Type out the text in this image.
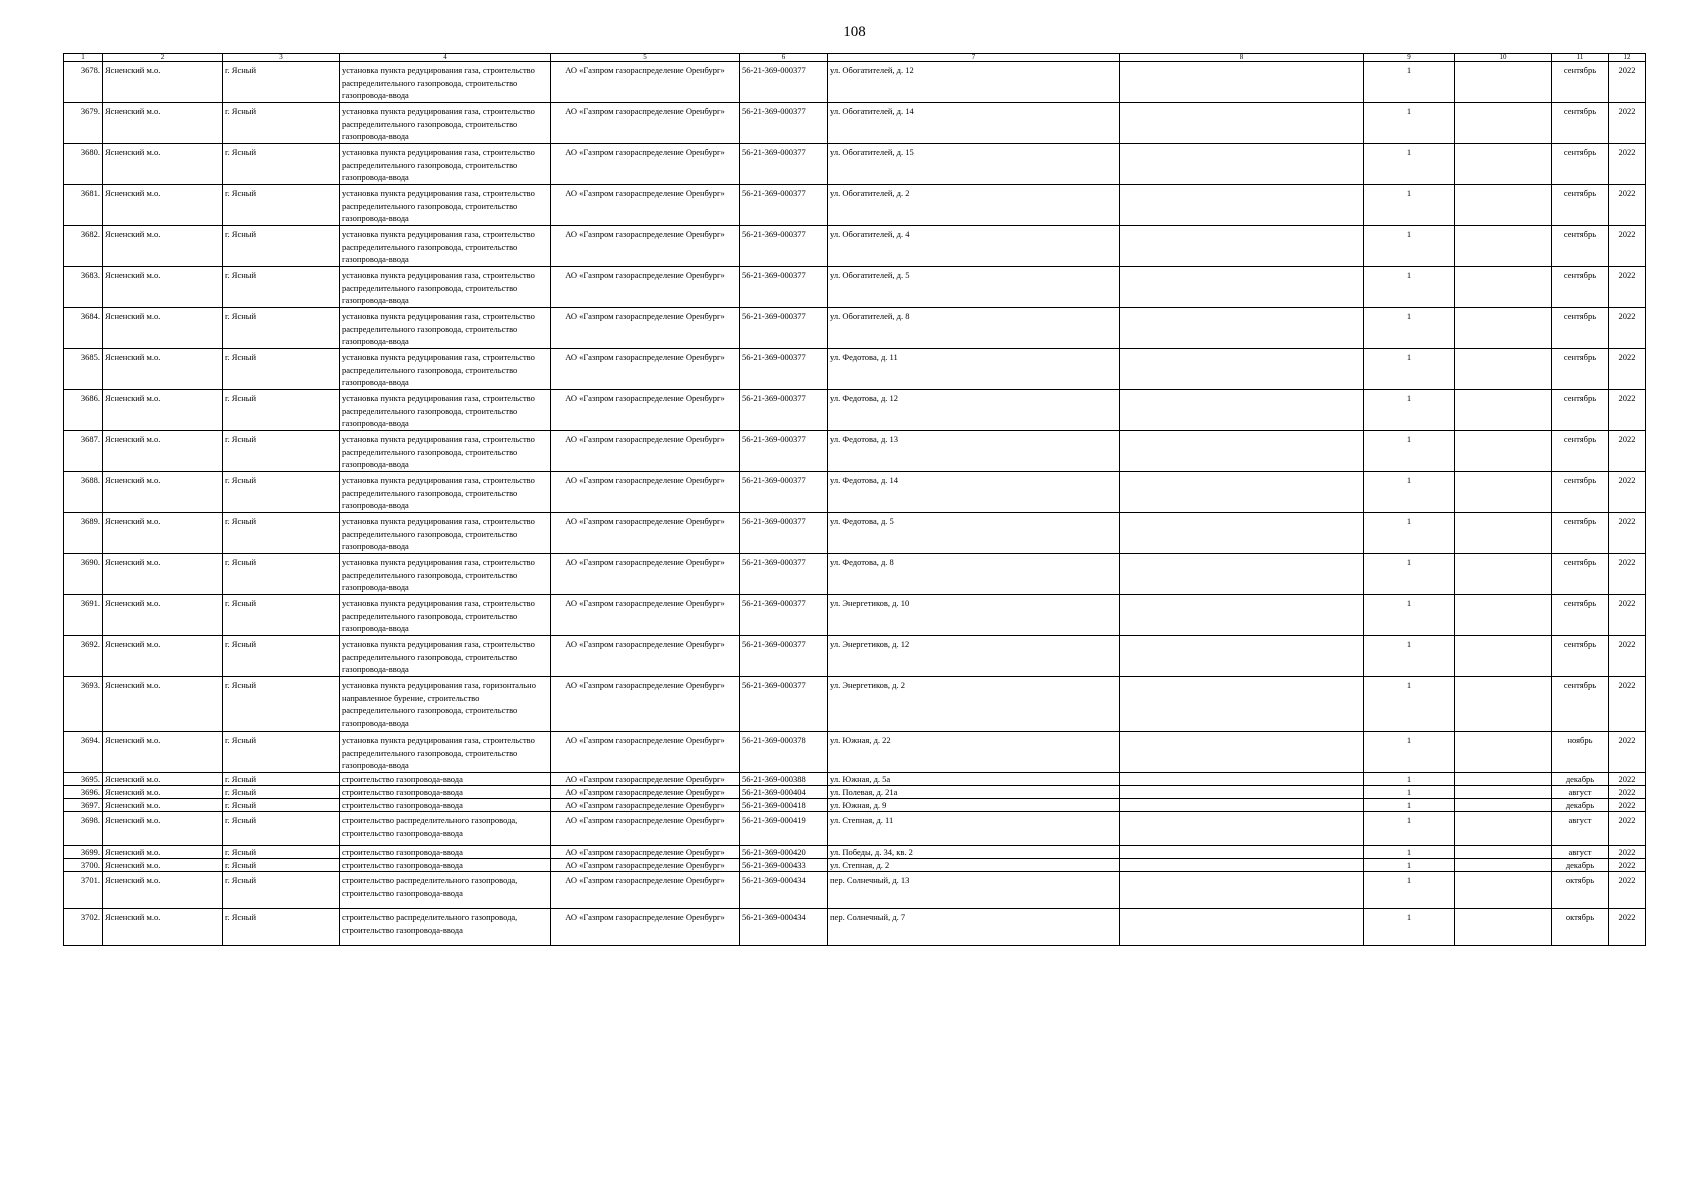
108
1	2	3	4	5	6	7	8	9	10	11	12
3678.	Ясненский м.о.	г. Ясный	установка пункта редуцирования газа, строительство распределительного газопровода, строительство газопровода-ввода	АО «Газпром газораспределение Оренбург»	56-21-369-000377	ул. Обогатителей, д. 12		1		сентябрь	2022
3679.	Ясненский м.о.	г. Ясный	установка пункта редуцирования газа, строительство распределительного газопровода, строительство газопровода-ввода	АО «Газпром газораспределение Оренбург»	56-21-369-000377	ул. Обогатителей, д. 14		1		сентябрь	2022
3680.	Ясненский м.о.	г. Ясный	установка пункта редуцирования газа, строительство распределительного газопровода, строительство газопровода-ввода	АО «Газпром газораспределение Оренбург»	56-21-369-000377	ул. Обогатителей, д. 15		1		сентябрь	2022
3681.	Ясненский м.о.	г. Ясный	установка пункта редуцирования газа, строительство распределительного газопровода, строительство газопровода-ввода	АО «Газпром газораспределение Оренбург»	56-21-369-000377	ул. Обогатителей, д. 2		1		сентябрь	2022
3682.	Ясненский м.о.	г. Ясный	установка пункта редуцирования газа, строительство распределительного газопровода, строительство газопровода-ввода	АО «Газпром газораспределение Оренбург»	56-21-369-000377	ул. Обогатителей, д. 4		1		сентябрь	2022
3683.	Ясненский м.о.	г. Ясный	установка пункта редуцирования газа, строительство распределительного газопровода, строительство газопровода-ввода	АО «Газпром газораспределение Оренбург»	56-21-369-000377	ул. Обогатителей, д. 5		1		сентябрь	2022
3684.	Ясненский м.о.	г. Ясный	установка пункта редуцирования газа, строительство распределительного газопровода, строительство газопровода-ввода	АО «Газпром газораспределение Оренбург»	56-21-369-000377	ул. Обогатителей, д. 8		1		сентябрь	2022
3685.	Ясненский м.о.	г. Ясный	установка пункта редуцирования газа, строительство распределительного газопровода, строительство газопровода-ввода	АО «Газпром газораспределение Оренбург»	56-21-369-000377	ул. Федотова, д. 11		1		сентябрь	2022
3686.	Ясненский м.о.	г. Ясный	установка пункта редуцирования газа, строительство распределительного газопровода, строительство газопровода-ввода	АО «Газпром газораспределение Оренбург»	56-21-369-000377	ул. Федотова, д. 12		1		сентябрь	2022
3687.	Ясненский м.о.	г. Ясный	установка пункта редуцирования газа, строительство распределительного газопровода, строительство газопровода-ввода	АО «Газпром газораспределение Оренбург»	56-21-369-000377	ул. Федотова, д. 13		1		сентябрь	2022
3688.	Ясненский м.о.	г. Ясный	установка пункта редуцирования газа, строительство распределительного газопровода, строительство газопровода-ввода	АО «Газпром газораспределение Оренбург»	56-21-369-000377	ул. Федотова, д. 14		1		сентябрь	2022
3689.	Ясненский м.о.	г. Ясный	установка пункта редуцирования газа, строительство распределительного газопровода, строительство газопровода-ввода	АО «Газпром газораспределение Оренбург»	56-21-369-000377	ул. Федотова, д. 5		1		сентябрь	2022
3690.	Ясненский м.о.	г. Ясный	установка пункта редуцирования газа, строительство распределительного газопровода, строительство газопровода-ввода	АО «Газпром газораспределение Оренбург»	56-21-369-000377	ул. Федотова, д. 8		1		сентябрь	2022
3691.	Ясненский м.о.	г. Ясный	установка пункта редуцирования газа, строительство распределительного газопровода, строительство газопровода-ввода	АО «Газпром газораспределение Оренбург»	56-21-369-000377	ул. Энергетиков, д. 10		1		сентябрь	2022
3692.	Ясненский м.о.	г. Ясный	установка пункта редуцирования газа, строительство распределительного газопровода, строительство газопровода-ввода	АО «Газпром газораспределение Оренбург»	56-21-369-000377	ул. Энергетиков, д. 12		1		сентябрь	2022
3693.	Ясненский м.о.	г. Ясный	установка пункта редуцирования газа, горизонтально направленное бурение, строительство распределительного газопровода, строительство газопровода-ввода	АО «Газпром газораспределение Оренбург»	56-21-369-000377	ул. Энергетиков, д. 2		1		сентябрь	2022
3694.	Ясненский м.о.	г. Ясный	установка пункта редуцирования газа, строительство распределительного газопровода, строительство газопровода-ввода	АО «Газпром газораспределение Оренбург»	56-21-369-000378	ул. Южная, д. 22		1		ноябрь	2022
3695.	Ясненский м.о.	г. Ясный	строительство газопровода-ввода	АО «Газпром газораспределение Оренбург»	56-21-369-000388	ул. Южная, д. 5а		1		декабрь	2022
3696.	Ясненский м.о.	г. Ясный	строительство газопровода-ввода	АО «Газпром газораспределение Оренбург»	56-21-369-000404	ул. Полевая, д. 21а		1		август	2022
3697.	Ясненский м.о.	г. Ясный	строительство газопровода-ввода	АО «Газпром газораспределение Оренбург»	56-21-369-000418	ул. Южная, д. 9		1		декабрь	2022
3698.	Ясненский м.о.	г. Ясный	строительство распределительного газопровода, строительство газопровода-ввода	АО «Газпром газораспределение Оренбург»	56-21-369-000419	ул. Степная, д. 11		1		август	2022
3699.	Ясненский м.о.	г. Ясный	строительство газопровода-ввода	АО «Газпром газораспределение Оренбург»	56-21-369-000420	ул. Победы, д. 34, кв. 2		1		август	2022
3700.	Ясненский м.о.	г. Ясный	строительство газопровода-ввода	АО «Газпром газораспределение Оренбург»	56-21-369-000433	ул. Степная, д. 2		1		декабрь	2022
3701.	Ясненский м.о.	г. Ясный	строительство распределительного газопровода, строительство газопровода-ввода	АО «Газпром газораспределение Оренбург»	56-21-369-000434	пер. Солнечный, д. 13		1		октябрь	2022
3702.	Ясненский м.о.	г. Ясный	строительство распределительного газопровода, строительство газопровода-ввода	АО «Газпром газораспределение Оренбург»	56-21-369-000434	пер. Солнечный, д. 7		1		октябрь	2022
